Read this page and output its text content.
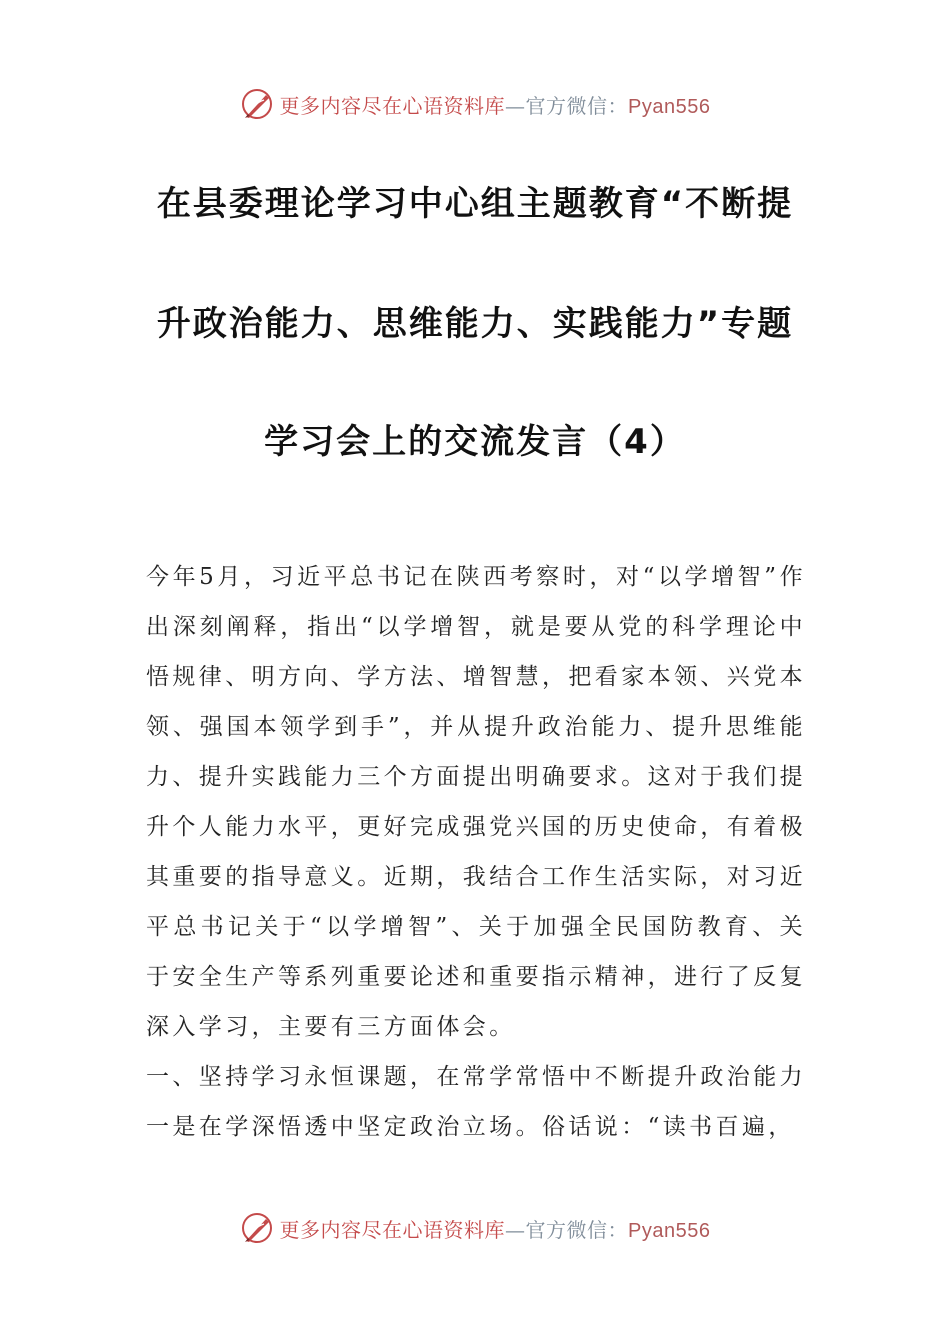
更多内容尽在心语资料库—官方微信：Pyan556
在县委理论学习中心组主题教育“不断提
升政治能力、思维能力、实践能力”专题
学习会上的交流发言（4）

今年5月，习近平总书记在陕西考察时，对“以学增智”作出深刻阐释，指出“以学增智，就是要从党的科学理论中悟规律、明方向、学方法、增智慧，把看家本领、兴党本领、强国本领学到手”，并从提升政治能力、提升思维能力、提升实践能力三个方面提出明确要求。这对于我们提升个人能力水平，更好完成强党兴国的历史使命，有着极其重要的指导意义。近期，我结合工作生活实际，对习近平总书记关于“以学增智”、关于加强全民国防教育、关于安全生产等系列重要论述和重要指示精神，进行了反复深入学习，主要有三方面体会。

一、坚持学习永恒课题，在常学常悟中不断提升政治能力

一是在学深悟透中坚定政治立场。俗话说：“读书百遍，

更多内容尽在心语资料库—官方微信：Pyan556
